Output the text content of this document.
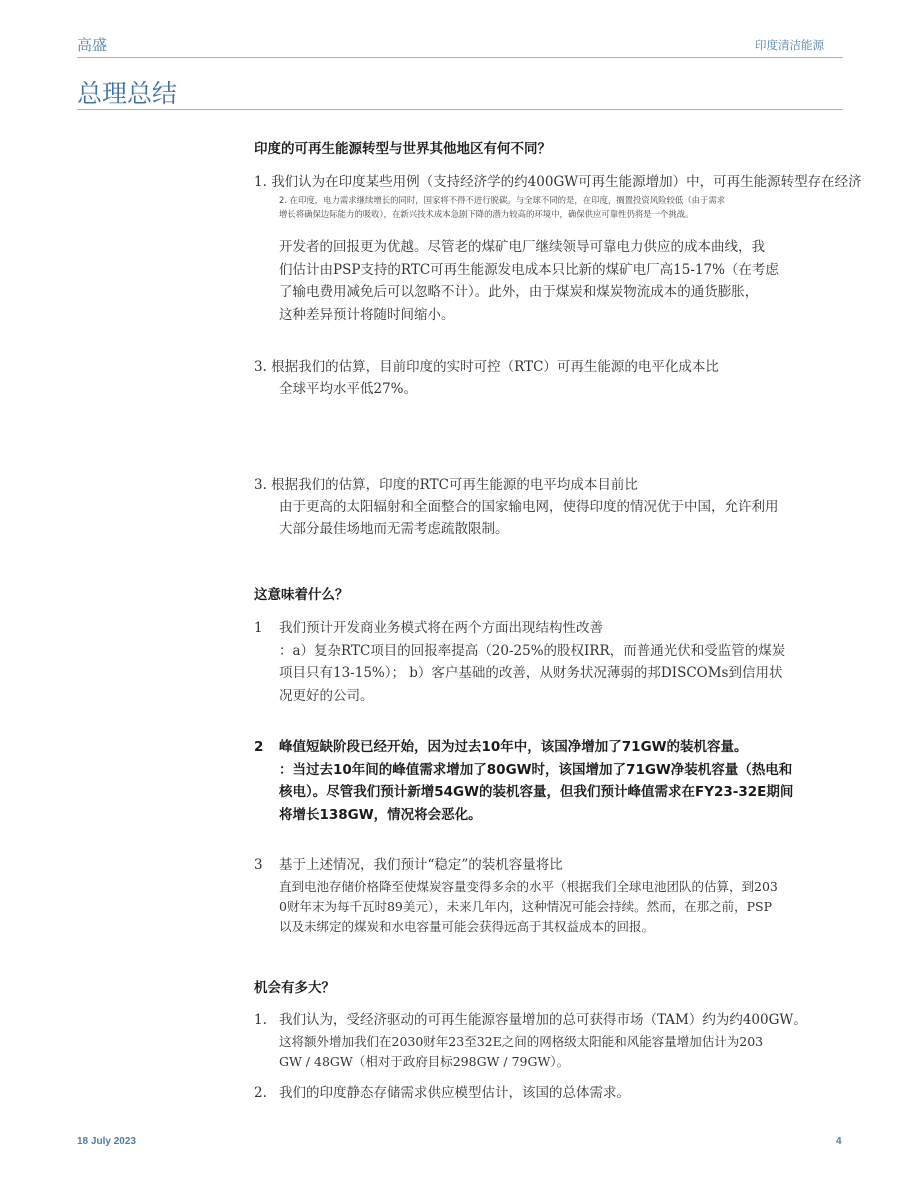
高盛	印度清洁能源
总理总结
印度的可再生能源转型与世界其他地区有何不同？
1. 我们认为在印度某些用例（支持经济学的约400GW可再生能源增加）中，可再生能源转型存在经济
2. 在印度，电力需求继续增长的同时，国家将不得不进行脱碳。与全球不同的是，在印度，搁置投资风险较低（由于需求
增长将确保边际能力的吸收），在新兴技术成本急剧下降的潜力较高的环境中，确保供应可靠性仍将是一个挑战。
开发者的回报更为优越。尽管老的煤矿电厂继续领导可靠电力供应的成本曲线，我
们估计由PSP支持的RTC可再生能源发电成本只比新的煤矿电厂高15-17%（在考虑
了输电费用减免后可以忽略不计）。此外，由于煤炭和煤炭物流成本的通货膨胀，
这种差异预计将随时间缩小。
3. 根据我们的估算，目前印度的实时可控（RTC）可再生能源的电平化成本比
全球平均水平低27%。
3. 根据我们的估算，印度的RTC可再生能源的电平均成本目前比
由于更高的太阳辐射和全面整合的国家输电网，使得印度的情况优于中国，允许利用
大部分最佳场地而无需考虑疏散限制。
这意味着什么？
1 我们预计开发商业务模式将在两个方面出现结构性改善
：a）复杂RTC项目的回报率提高（20-25%的股权IRR，而普通光伏和受监管的煤炭
项目只有13-15%）； b）客户基础的改善，从财务状况薄弱的邦DISCOMs到信用状
况更好的公司。
2 峰值短缺阶段已经开始，因为过去10年中，该国净增加了71GW的装机容量。
：当过去10年间的峰值需求增加了80GW时，该国增加了71GW净装机容量（热电和
核电）。尽管我们预计新增54GW的装机容量，但我们预计峰值需求在FY23-32E期间
将增长138GW，情况将会恶化。
3 基于上述情况，我们预计“稳定”的装机容量将比
直到电池存储价格降至使煤炭容量变得多余的水平（根据我们全球电池团队的估算，到203
0财年末为每千瓦时89美元），未来几年内，这种情况可能会持续。然而，在那之前，PSP
以及未绑定的煤炭和水电容量可能会获得远高于其权益成本的回报。
机会有多大？
1. 我们认为，受经济驱动的可再生能源容量增加的总可获得市场（TAM）约为约400GW。
这将额外增加我们在2030财年23至32E之间的网格级太阳能和风能容量增加估计为203
GW / 48GW（相对于政府目标298GW / 79GW）。
2. 我们的印度静态存储需求供应模型估计，该国的总体需求。
18 July 2023	4
